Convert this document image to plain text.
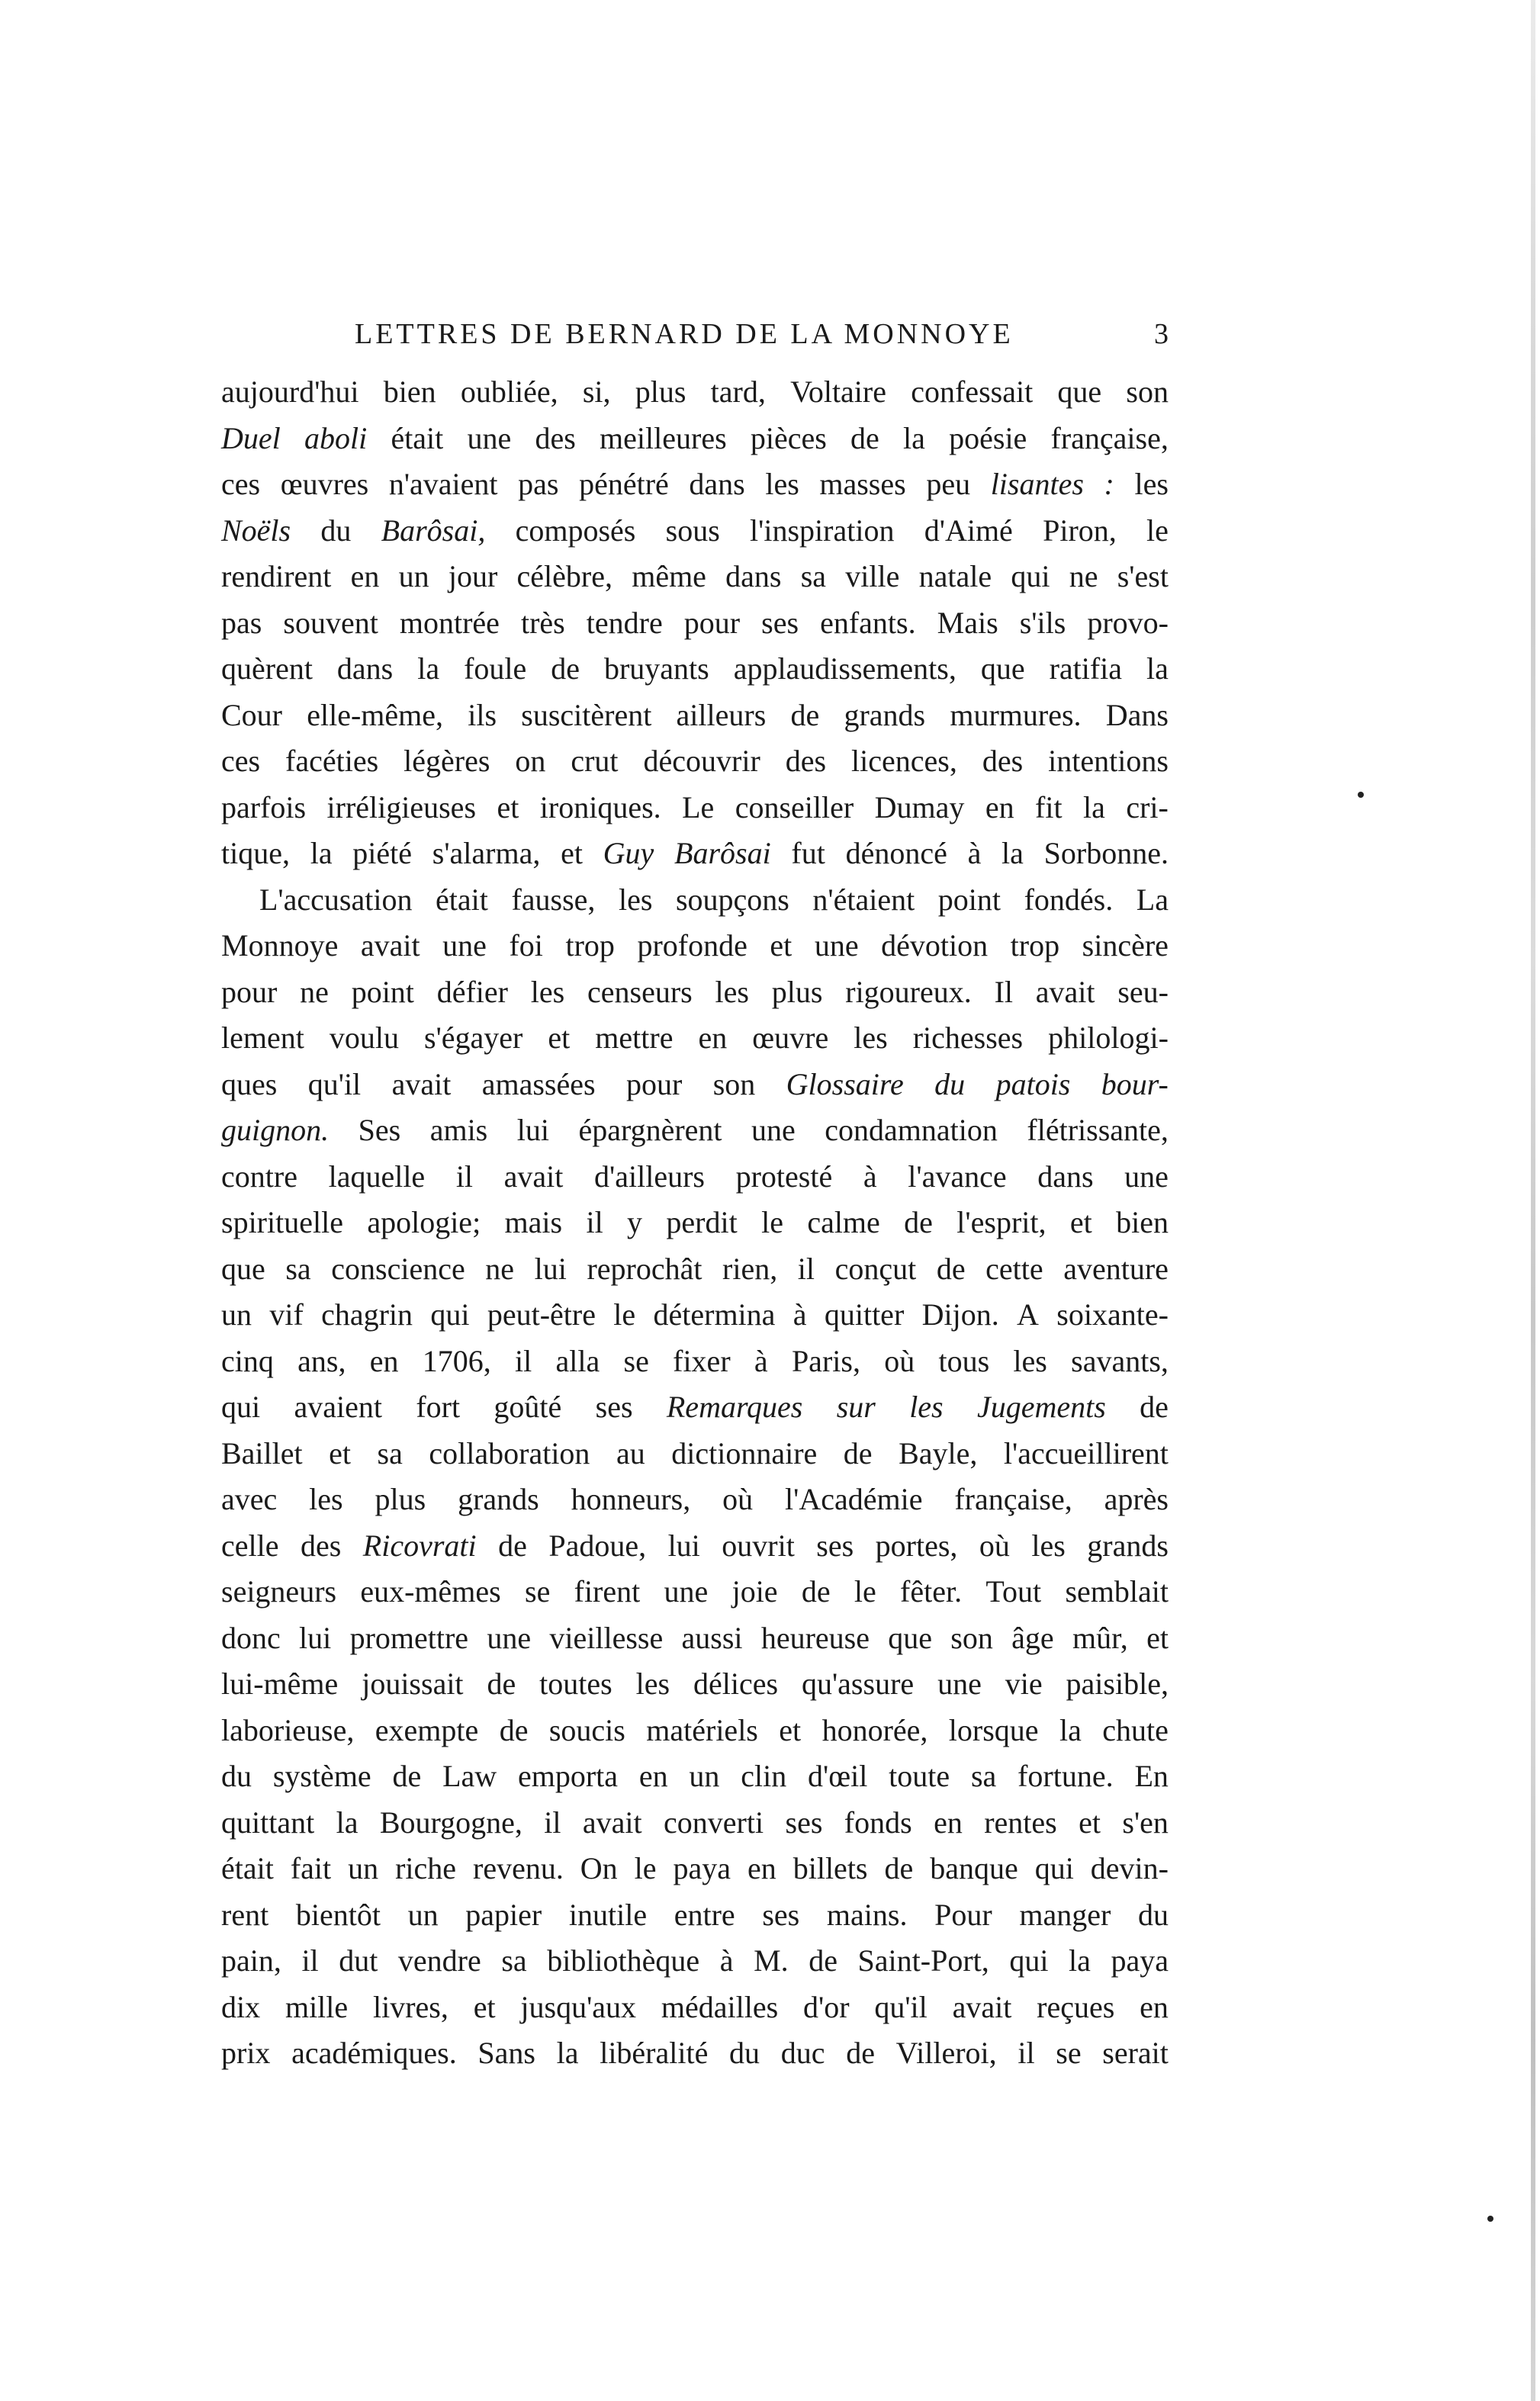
LETTRES DE BERNARD DE LA MONNOYE	3
aujourd'hui bien oubliée, si, plus tard, Voltaire confessait que son
Duel aboli était une des meilleures pièces de la poésie française,
ces œuvres n'avaient pas pénétré dans les masses peu lisantes : les
Noëls du Barôsai, composés sous l'inspiration d'Aimé Piron, le
rendirent en un jour célèbre, même dans sa ville natale qui ne s'est
pas souvent montrée très tendre pour ses enfants. Mais s'ils provo-
quèrent dans la foule de bruyants applaudissements, que ratifia la
Cour elle-même, ils suscitèrent ailleurs de grands murmures. Dans
ces facéties légères on crut découvrir des licences, des intentions
parfois irréligieuses et ironiques. Le conseiller Dumay en fit la cri-
tique, la piété s'alarma, et Guy Barôsai fut dénoncé à la Sorbonne.
L'accusation était fausse, les soupçons n'étaient point fondés. La
Monnoye avait une foi trop profonde et une dévotion trop sincère
pour ne point défier les censeurs les plus rigoureux. Il avait seu-
lement voulu s'égayer et mettre en œuvre les richesses philologi-
ques qu'il avait amassées pour son Glossaire du patois bour-
guignon. Ses amis lui épargnèrent une condamnation flétrissante,
contre laquelle il avait d'ailleurs protesté à l'avance dans une
spirituelle apologie; mais il y perdit le calme de l'esprit, et bien
que sa conscience ne lui reprochât rien, il conçut de cette aventure
un vif chagrin qui peut-être le détermina à quitter Dijon. A soixante-
cinq ans, en 1706, il alla se fixer à Paris, où tous les savants,
qui avaient fort goûté ses Remarques sur les Jugements de
Baillet et sa collaboration au dictionnaire de Bayle, l'accueillirent
avec les plus grands honneurs, où l'Académie française, après
celle des Ricovrati de Padoue, lui ouvrit ses portes, où les grands
seigneurs eux-mêmes se firent une joie de le fêter. Tout semblait
donc lui promettre une vieillesse aussi heureuse que son âge mûr, et
lui-même jouissait de toutes les délices qu'assure une vie paisible,
laborieuse, exempte de soucis matériels et honorée, lorsque la chute
du système de Law emporta en un clin d'œil toute sa fortune. En
quittant la Bourgogne, il avait converti ses fonds en rentes et s'en
était fait un riche revenu. On le paya en billets de banque qui devin-
rent bientôt un papier inutile entre ses mains. Pour manger du
pain, il dut vendre sa bibliothèque à M. de Saint-Port, qui la paya
dix mille livres, et jusqu'aux médailles d'or qu'il avait reçues en
prix académiques. Sans la libéralité du duc de Villeroi, il se serait
